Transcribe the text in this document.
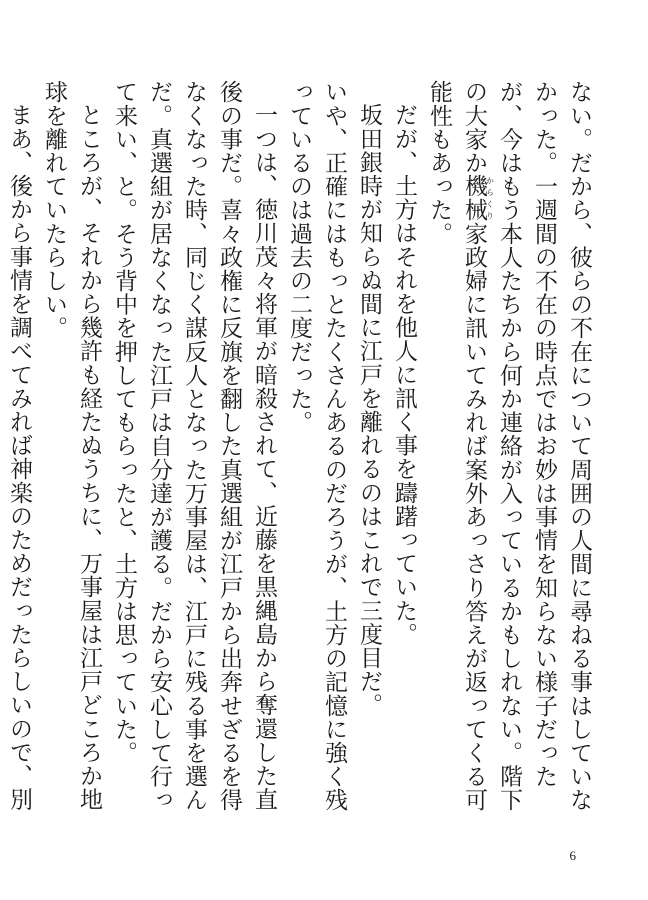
ない。だから、彼らの不在について周囲の人間に尋ねる事はしていなかった。一週間の不在の時点ではお妙は事情を知らない様子だったが、今はもう本人たちから何か連絡が入っているかもしれない。階下の大家か機械からくり家政婦に訊いてみれば案外あっさり答えが返ってくる可能性もあった。

だが、土方はそれを他人に訊く事を躊躇っていた。

坂田銀時が知らぬ間に江戸を離れるのはこれで三度目だ。

いや、正確にはもっとたくさんあるのだろうが、土方の記憶に強く残っているのは過去の二度だった。

一つは、徳川茂々将軍が暗殺されて、近藤を黒縄島から奪還した直後の事だ。喜々政権に反旗を翻した真選組が江戸から出奔せざるを得なくなった時、同じく謀反人となった万事屋は、江戸に残る事を選んだ。真選組が居なくなった江戸は自分達が護る。だから安心して行って来い、と。そう背中を押してもらったと、土方は思っていた。

ところが、それから幾許も経たぬうちに、万事屋は江戸どころか地球を離れていたらしい。

まあ、後から事情を調べてみれば神楽のためだったらしいので、別

6
